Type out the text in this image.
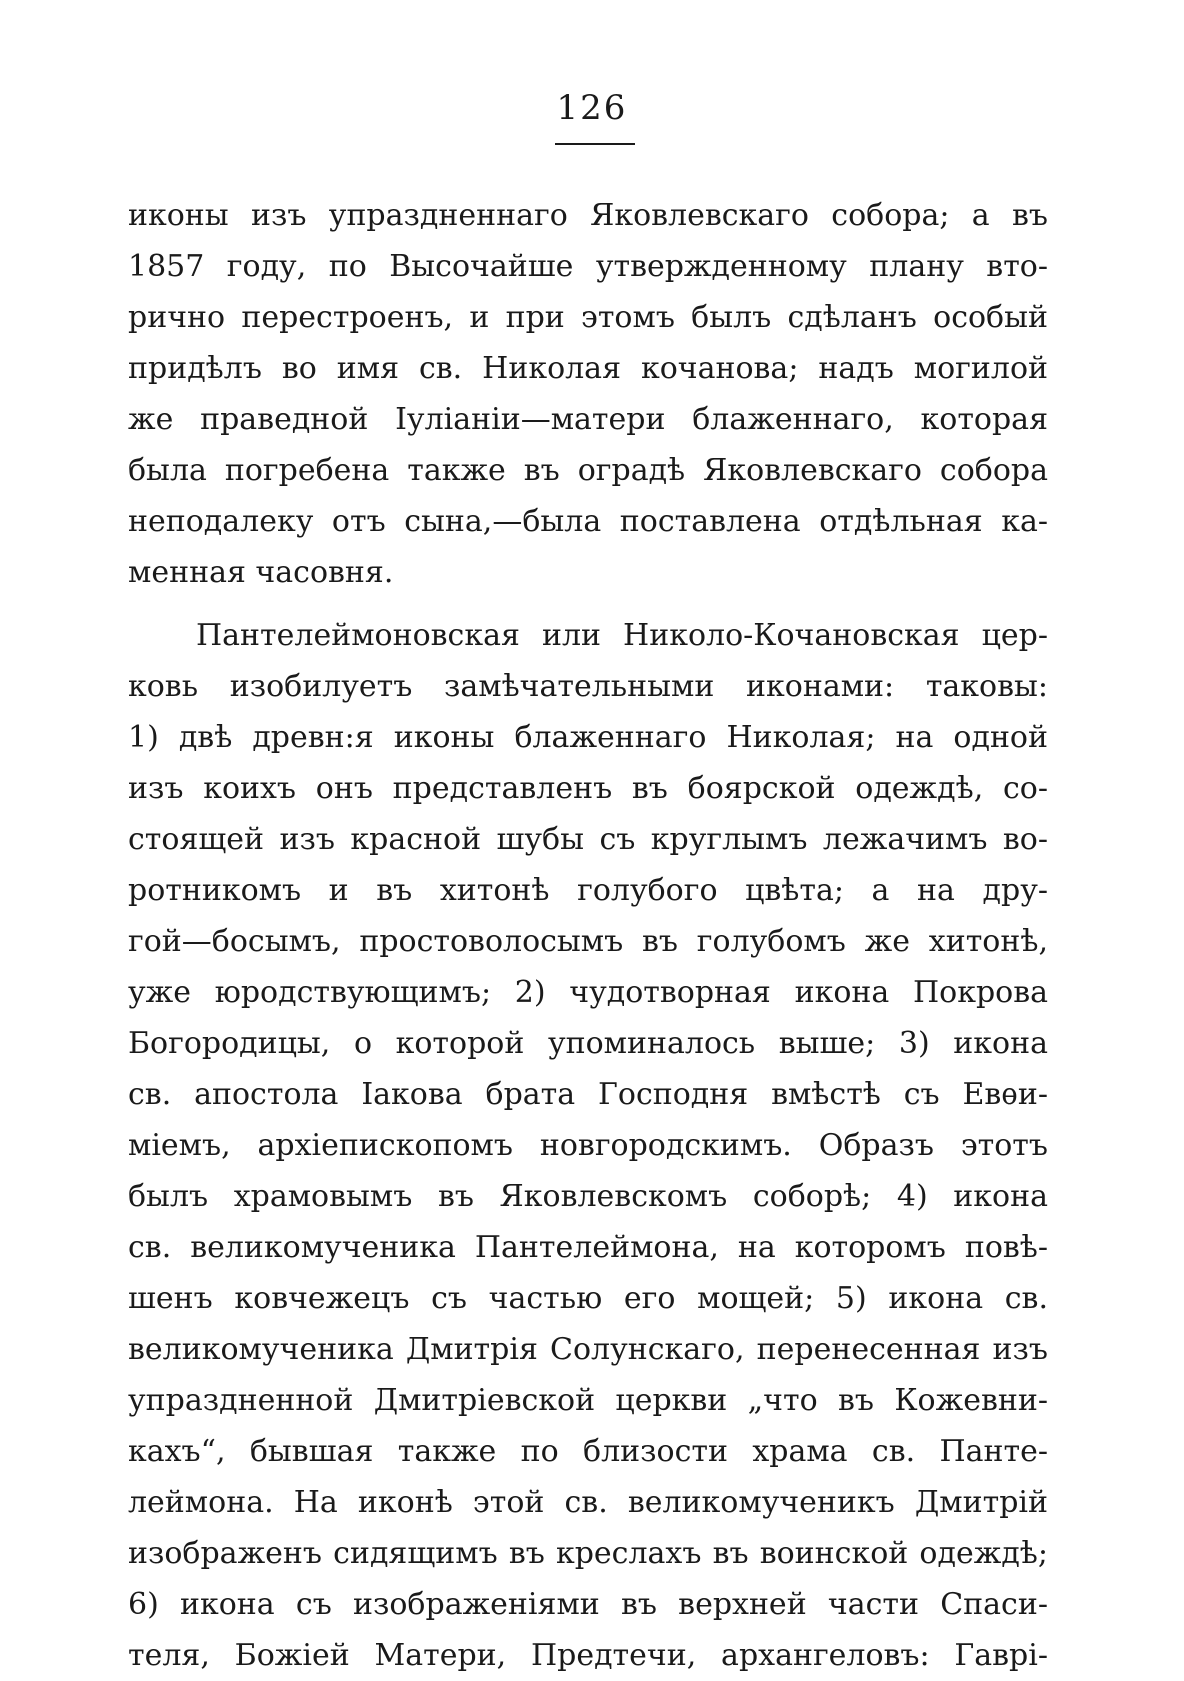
126
иконы изъ упраздненнаго Яковлевскаго собора; а въ
1857 году, по Высочайше утвержденному плану вто-
рично перестроенъ, и при этомъ былъ сдѣланъ особый
придѣлъ во имя св. Николая кочанова; надъ могилой
же праведной Іуліаніи—матери блаженнаго, которая
была погребена также въ оградѣ Яковлевскаго собора
неподалеку отъ сына,—была поставлена отдѣльная ка-
менная часовня.
Пантелеймоновская или Николо-Кочановская цер-
ковь изобилуетъ замѣчательными иконами: таковы:
1) двѣ древн:я иконы блаженнаго Николая; на одной
изъ коихъ онъ представленъ въ боярской одеждѣ, со-
стоящей изъ красной шубы съ круглымъ лежачимъ во-
ротникомъ и въ хитонѣ голубого цвѣта; а на дру-
гой—босымъ, простоволосымъ въ голубомъ же хитонѣ,
уже юродствующимъ; 2) чудотворная икона Покрова
Богородицы, о которой упоминалось выше; 3) икона
св. апостола Іакова брата Господня вмѣстѣ съ Евѳи-
міемъ, архіепископомъ новгородскимъ. Образъ этотъ
былъ храмовымъ въ Яковлевскомъ соборѣ; 4) икона
св. великомученика Пантелеймона, на которомъ повѣ-
шенъ ковчежецъ съ частью его мощей; 5) икона св.
великомученика Дмитрія Солунскаго, перенесенная изъ
упраздненной Дмитріевской церкви „что въ Кожевни-
кахъ“, бывшая также по близости храма св. Панте-
леймона. На иконѣ этой св. великомученикъ Дмитрій
изображенъ сидящимъ въ креслахъ въ воинской одеждѣ;
6) икона съ изображеніями въ верхней части Спаси-
теля, Божіей Матери, Предтечи, архангеловъ: Гаврі-
